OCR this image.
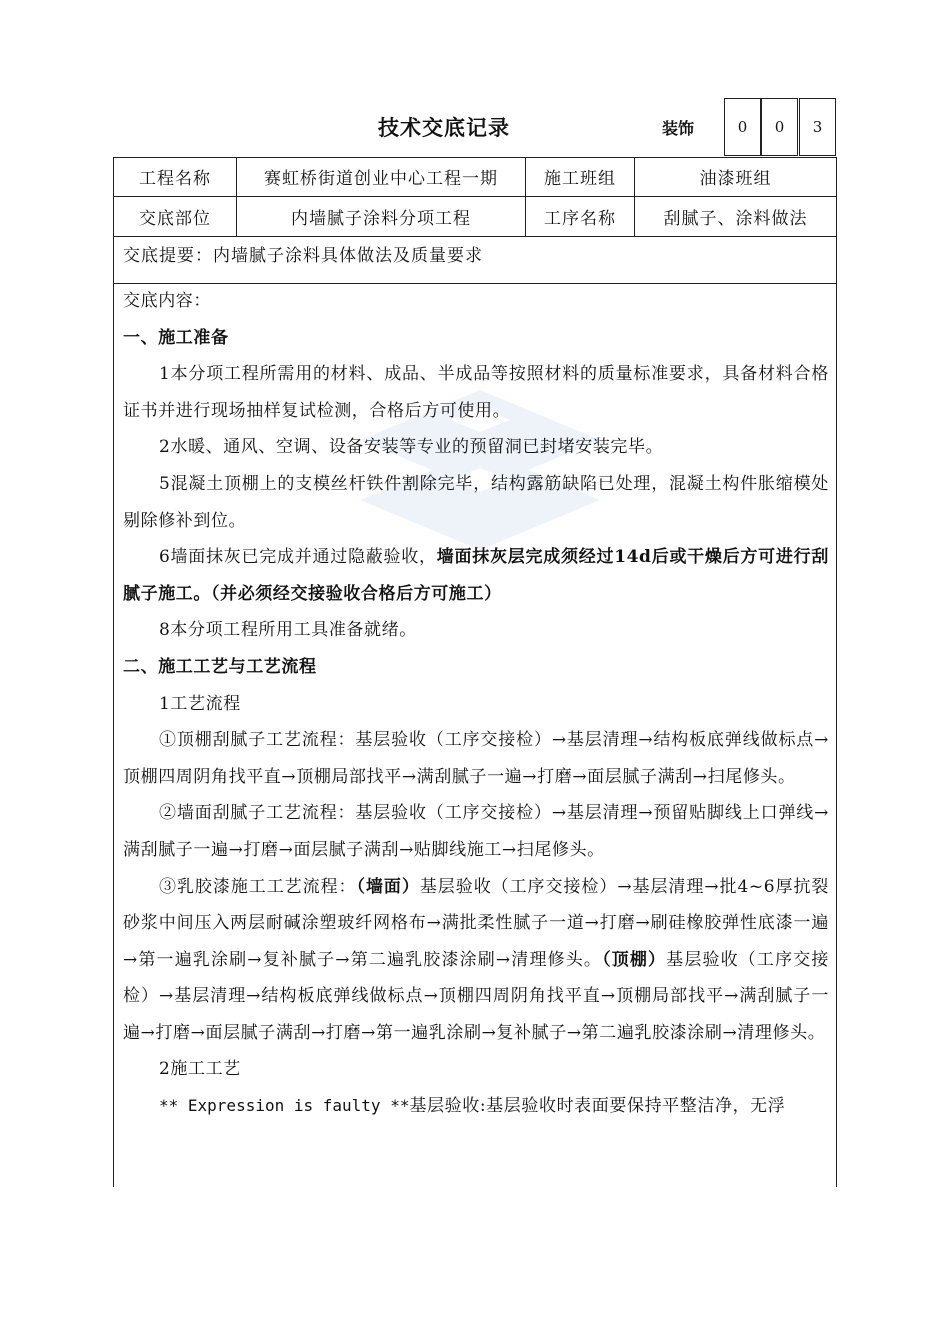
技术交底记录	装饰	0	0	3
工程名称	赛虹桥街道创业中心工程一期	施工班组	油漆班组
交底部位	内墙腻子涂料分项工程	工序名称	刮腻子、涂料做法
交底提要：内墙腻子涂料具体做法及质量要求

交底内容：

一、施工准备

1本分项工程所需用的材料、成品、半成品等按照材料的质量标准要求，具备材料合格证书并进行现场抽样复试检测，合格后方可使用。

2水暖、通风、空调、设备安装等专业的预留洞已封堵安装完毕。

5混凝土顶棚上的支模丝杆铁件割除完毕，结构露筋缺陷已处理，混凝土构件胀缩模处剔除修补到位。

6墙面抹灰已完成并通过隐蔽验收，墙面抹灰层完成须经过14d后或干燥后方可进行刮腻子施工。（并必须经交接验收合格后方可施工）

8本分项工程所用工具准备就绪。

二、施工工艺与工艺流程

1工艺流程

①顶棚刮腻子工艺流程：基层验收（工序交接检）→基层清理→结构板底弹线做标点→顶棚四周阴角找平直→顶棚局部找平→满刮腻子一遍→打磨→面层腻子满刮→扫尾修头。

②墙面刮腻子工艺流程：基层验收（工序交接检）→基层清理→预留贴脚线上口弹线→满刮腻子一遍→打磨→面层腻子满刮→贴脚线施工→扫尾修头。

③乳胶漆施工工艺流程：（墙面）基层验收（工序交接检）→基层清理→批4~6厚抗裂砂浆中间压入两层耐碱涂塑玻纤网格布→满批柔性腻子一道→打磨→刷硅橡胶弹性底漆一遍→第一遍乳涂刷→复补腻子→第二遍乳胶漆涂刷→清理修头。（顶棚）基层验收（工序交接检）→基层清理→结构板底弹线做标点→顶棚四周阴角找平直→顶棚局部找平→满刮腻子一遍→打磨→面层腻子满刮→打磨→第一遍乳涂刷→复补腻子→第二遍乳胶漆涂刷→清理修头。

2施工工艺

** Expression is faulty **基层验收:基层验收时表面要保持平整洁净，无浮
